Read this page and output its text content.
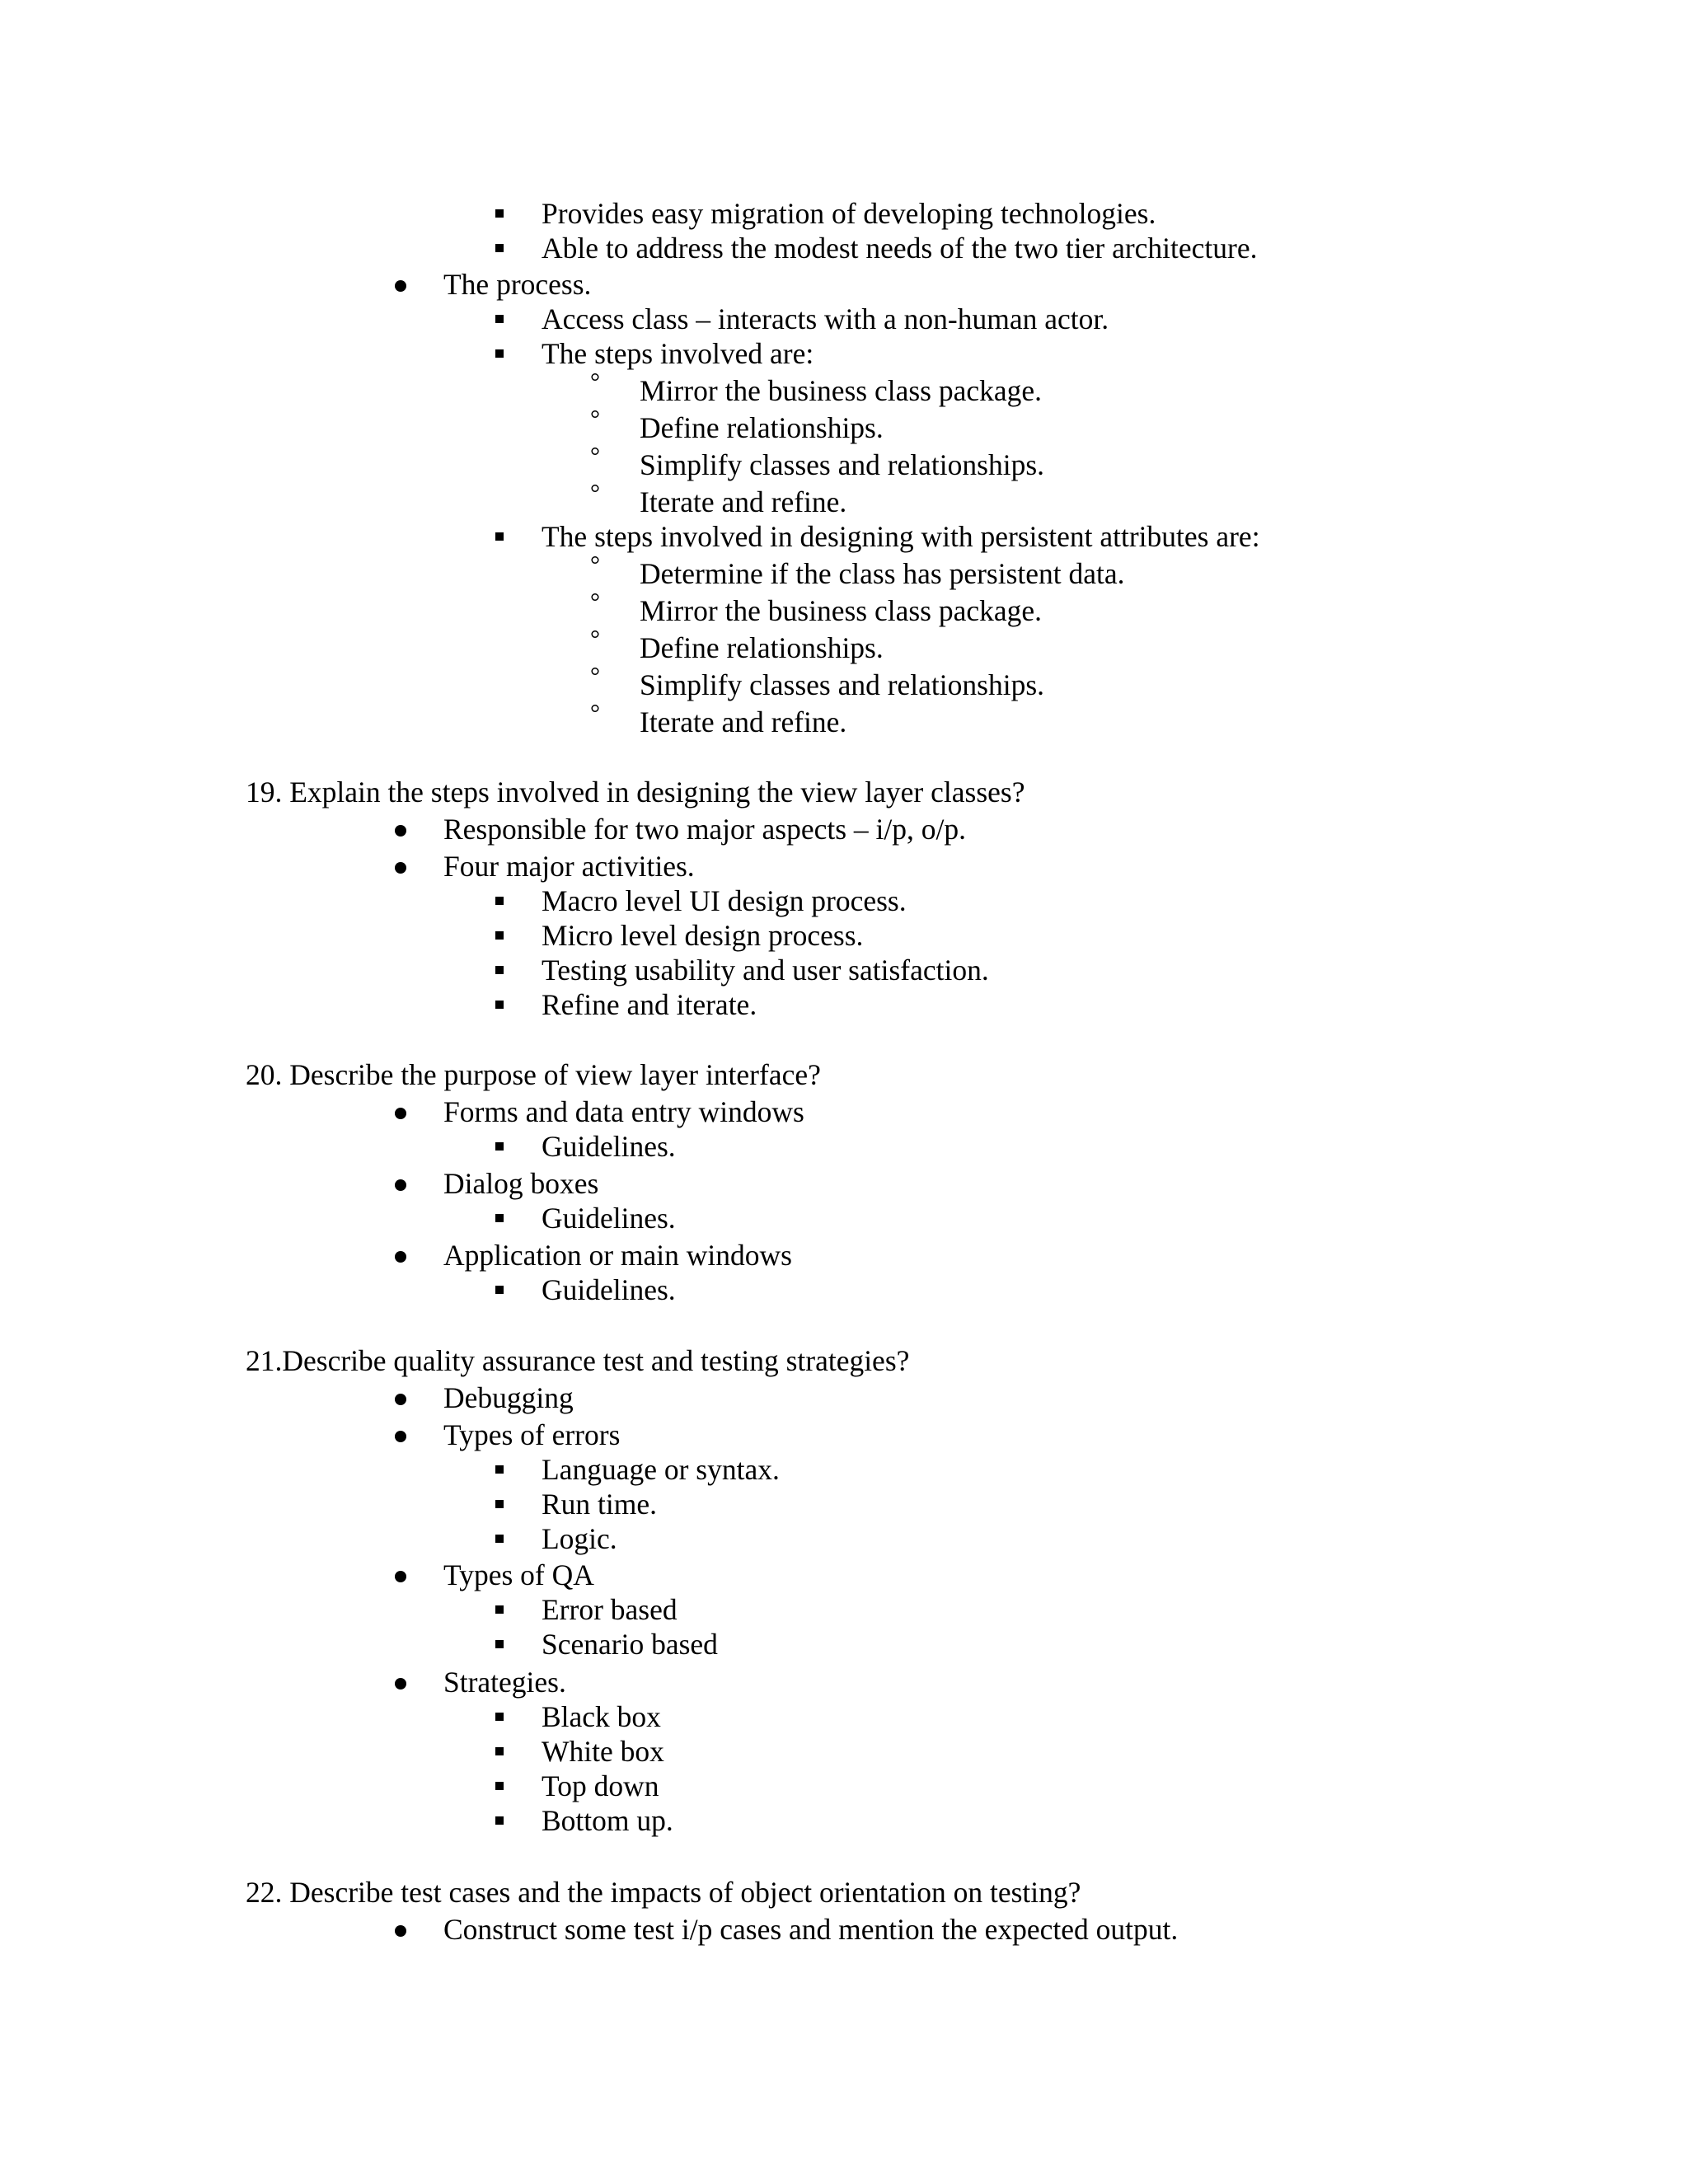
Provides easy migration of developing technologies.
Able to address the modest needs of the two tier architecture.
The process.
Access class – interacts with a non-human actor.
The steps involved are:
° Mirror the business class package.
° Define relationships.
° Simplify classes and relationships.
° Iterate and refine.
The steps involved in designing with persistent attributes are:
° Determine if the class has persistent data.
° Mirror the business class package.
° Define relationships.
° Simplify classes and relationships.
° Iterate and refine.
19. Explain the steps involved in designing the view layer classes?
Responsible for two major aspects – i/p, o/p.
Four major activities.
Macro level UI design process.
Micro level design process.
Testing usability and user satisfaction.
Refine and iterate.
20. Describe the purpose of view layer interface?
Forms and data entry windows
Guidelines.
Dialog boxes
Guidelines.
Application or main windows
Guidelines.
21.Describe quality assurance test and testing strategies?
Debugging
Types of errors
Language or syntax.
Run time.
Logic.
Types of QA
Error based
Scenario based
Strategies.
Black box
White box
Top down
Bottom up.
22. Describe test cases and the impacts of object orientation on testing?
Construct some test i/p cases and mention the expected output.
